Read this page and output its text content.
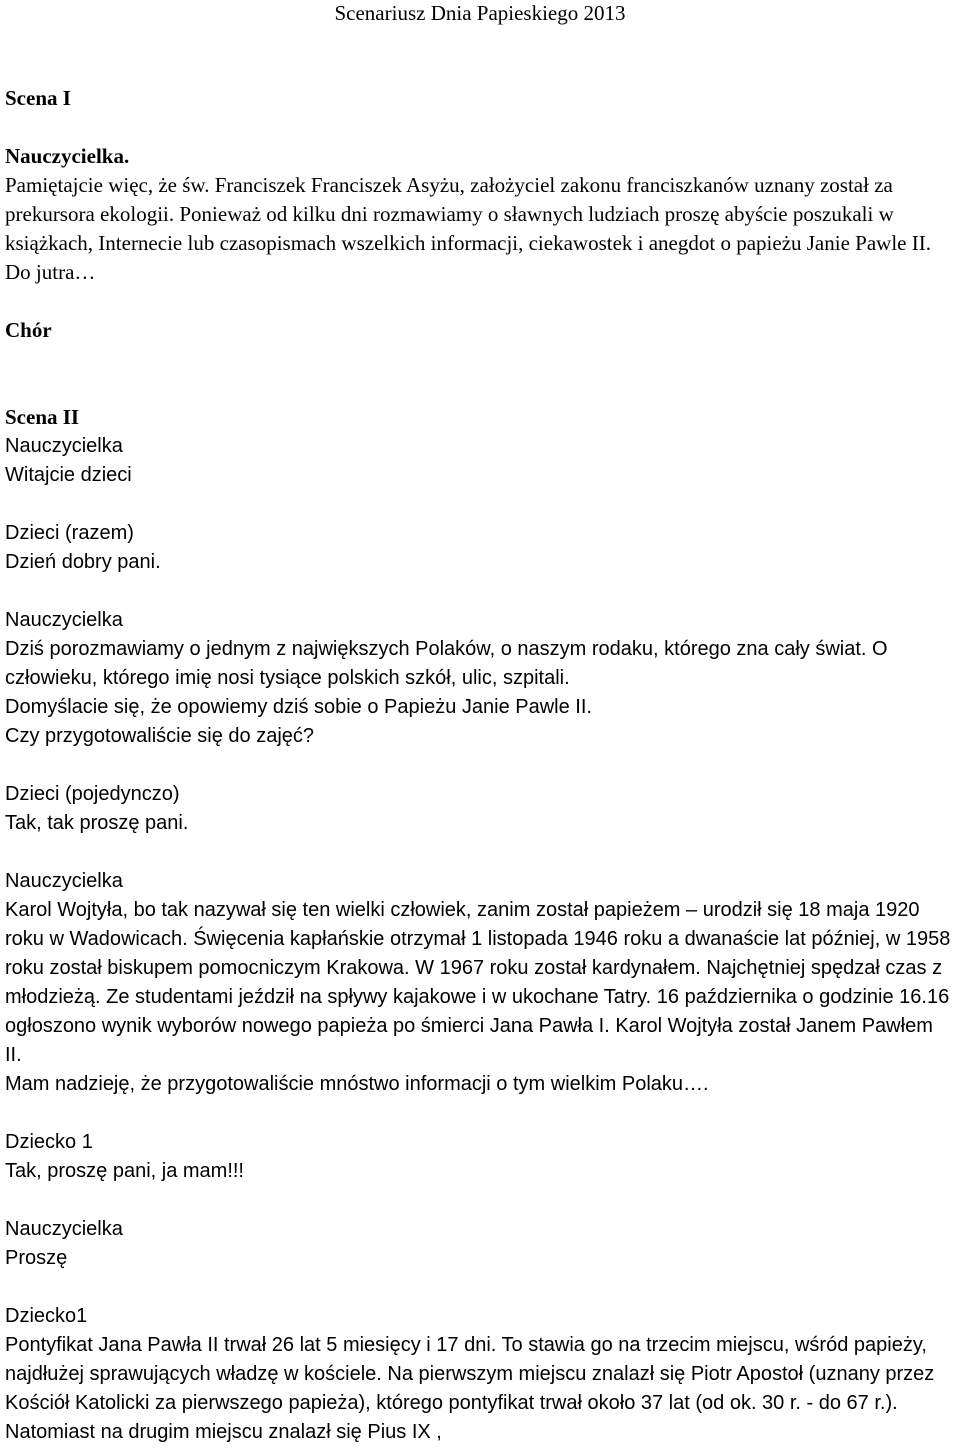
Scenariusz Dnia Papieskiego 2013

Scena I

Nauczycielka.

Pamiętajcie więc, że św. Franciszek Franciszek Asyżu, założyciel zakonu franciszkanów uznany został za prekursora ekologii. Ponieważ od kilku dni rozmawiamy o sławnych ludziach proszę abyście poszukali w książkach, Internecie lub czasopismach wszelkich informacji, ciekawostek i anegdot o papieżu Janie Pawle II. Do jutra…

Chór

Scena II

Nauczycielka

Witajcie dzieci

Dzieci (razem)

Dzień dobry pani.

Nauczycielka

Dziś porozmawiamy o jednym z największych Polaków, o naszym rodaku, którego zna cały świat. O człowieku, którego imię nosi tysiące polskich szkół, ulic, szpitali.

Domyślacie się, że opowiemy dziś sobie o Papieżu Janie Pawle II.

Czy przygotowaliście się do zajęć?

Dzieci (pojedynczo)

Tak, tak proszę pani.

Nauczycielka

Karol Wojtyła, bo tak nazywał się ten wielki człowiek, zanim został papieżem – urodził się 18 maja 1920 roku w Wadowicach. Święcenia kapłańskie otrzymał 1 listopada 1946 roku a dwanaście lat później, w 1958 roku został biskupem pomocniczym Krakowa. W 1967 roku został kardynałem. Najchętniej spędzał czas z młodzieżą. Ze studentami jeździł na spływy kajakowe i w ukochane Tatry. 16 października o godzinie 16.16 ogłoszono wynik wyborów nowego papieża po śmierci Jana Pawła I. Karol Wojtyła został Janem Pawłem II.

Mam nadzieję, że przygotowaliście mnóstwo informacji o tym wielkim Polaku….

Dziecko 1

Tak, proszę pani, ja mam!!!

Nauczycielka

Proszę

Dziecko1

Pontyfikat Jana Pawła II trwał 26 lat 5 miesięcy i 17 dni. To stawia go na trzecim miejscu, wśród papieży, najdłużej sprawujących władzę w kościele. Na pierwszym miejscu znalazł się Piotr Apostoł (uznany przez Kościół Katolicki za pierwszego papieża), którego pontyfikat trwał około 37 lat (od ok. 30 r. - do 67 r.). Natomiast na drugim miejscu znalazł się Pius IX ,
